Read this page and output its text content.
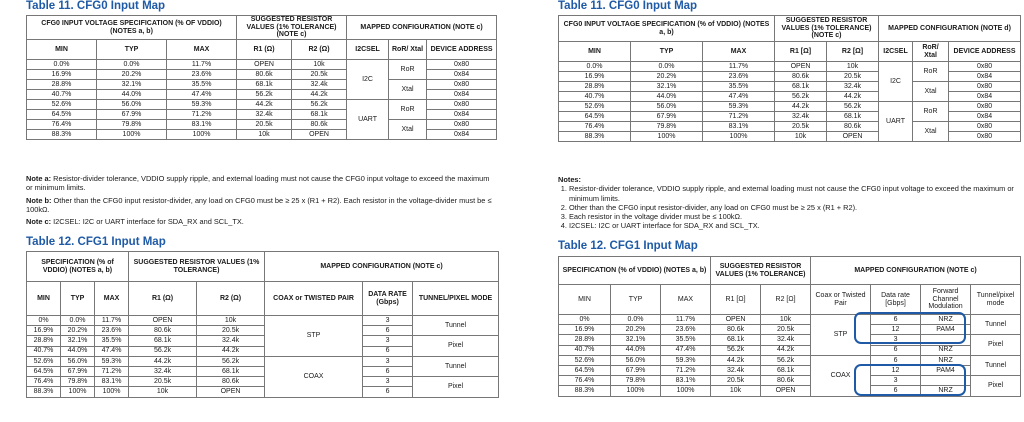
Table 11. CFG0 Input Map
CFG0 INPUT VOLTAGE SPECIFICATION (% OF VDDIO) (NOTES a, b)			SUGGESTED RESISTOR VALUES (1% TOLERANCE) (NOTE c)		MAPPED CONFIGURATION (NOTE c)		
MIN	TYP	MAX	R1 (Ω)	R2 (Ω)	I2CSEL	RoR/ Xtal	DEVICE ADDRESS
0.0%	0.0%	11.7%	OPEN	10k	I2C	RoR	0x80
16.9%	20.2%	23.6%	80.6k	20.5k			0x84
28.8%	32.1%	35.5%	68.1k	32.4k		Xtal	0x80
40.7%	44.0%	47.4%	56.2k	44.2k			0x84
52.6%	56.0%	59.3%	44.2k	56.2k	UART	RoR	0x80
64.5%	67.9%	71.2%	32.4k	68.1k			0x84
76.4%	79.8%	83.1%	20.5k	80.6k		Xtal	0x80
88.3%	100%	100%	10k	OPEN			0x84

Note a: Resistor-divider tolerance, VDDIO supply ripple, and external loading must not cause the CFG0 input voltage to exceed the maximum or minimum limits.

Note b: Other than the CFG0 input resistor-divider, any load on CFG0 must be ≥ 25 x (R1 + R2). Each resistor in the voltage-divider must be ≤ 100kΩ.

Note c: I2CSEL: I2C or UART interface for SDA_RX and SCL_TX.

Table 12. CFG1 Input Map
SPECIFICATION (% of VDDIO) (NOTES a, b)			SUGGESTED RESISTOR VALUES (1% TOLERANCE)		MAPPED CONFIGURATION (NOTE c)		
MIN	TYP	MAX	R1 (Ω)	R2 (Ω)	COAX or TWISTED PAIR	DATA RATE (Gbps)	TUNNEL/PIXEL MODE
0%	0.0%	11.7%	OPEN	10k	STP	3	Tunnel
16.9%	20.2%	23.6%	80.6k	20.5k		6	
28.8%	32.1%	35.5%	68.1k	32.4k		3	Pixel
40.7%	44.0%	47.4%	56.2k	44.2k		6	
52.6%	56.0%	59.3%	44.2k	56.2k	COAX	3	Tunnel
64.5%	67.9%	71.2%	32.4k	68.1k		6	
76.4%	79.8%	83.1%	20.5k	80.6k		3	Pixel
88.3%	100%	100%	10k	OPEN		6	
Table 11. CFG0 Input Map
CFG0 INPUT VOLTAGE SPECIFICATION (% of VDDIO) (NOTES a, b)			SUGGESTED RESISTOR VALUES (1% TOLERANCE) (NOTE c)		MAPPED CONFIGURATION (NOTE d)		
MIN	TYP	MAX	R1 [Ω]	R2 [Ω]	I2CSEL	RoR/ Xtal	DEVICE ADDRESS
0.0%	0.0%	11.7%	OPEN	10k	I2C	RoR	0x80
16.9%	20.2%	23.6%	80.6k	20.5k			0x84
28.8%	32.1%	35.5%	68.1k	32.4k		Xtal	0x80
40.7%	44.0%	47.4%	56.2k	44.2k			0x84
52.6%	56.0%	59.3%	44.2k	56.2k	UART	RoR	0x80
64.5%	67.9%	71.2%	32.4k	68.1k			0x84
76.4%	79.8%	83.1%	20.5k	80.6k		Xtal	0x80
88.3%	100%	100%	10k	OPEN			0x80
Notes:
1. Resistor-divider tolerance, VDDIO supply ripple, and external loading must not cause the CFG0 input voltage to exceed the maximum or minimum limits.
2. Other than the CFG0 input resistor-divider, any load on CFG0 must be ≥ 25 x (R1 + R2).
3. Each resistor in the voltage divider must be ≤ 100kΩ.
4. I2CSEL: I2C or UART interface for SDA_RX and SCL_TX.
Table 12. CFG1 Input Map
SPECIFICATION (% of VDDIO) (NOTES a, b)			SUGGESTED RESISTOR VALUES (1% TOLERANCE)		MAPPED CONFIGURATION (NOTE c)			
MIN	TYP	MAX	R1 [Ω]	R2 [Ω]	Coax or Twisted Pair	Data rate [Gbps]	Forward Channel Modulation	Tunnel/pixel mode
0%	0.0%	11.7%	OPEN	10k	STP	6	NRZ	Tunnel
16.9%	20.2%	23.6%	80.6k	20.5k		12	PAM4	
28.8%	32.1%	35.5%	68.1k	32.4k		3		Pixel
40.7%	44.0%	47.4%	56.2k	44.2k		6	NRZ	
52.6%	56.0%	59.3%	44.2k	56.2k	COAX	6	NRZ	Tunnel
64.5%	67.9%	71.2%	32.4k	68.1k		12	PAM4	
76.4%	79.8%	83.1%	20.5k	80.6k		3		Pixel
88.3%	100%	100%	10k	OPEN		6	NRZ	
